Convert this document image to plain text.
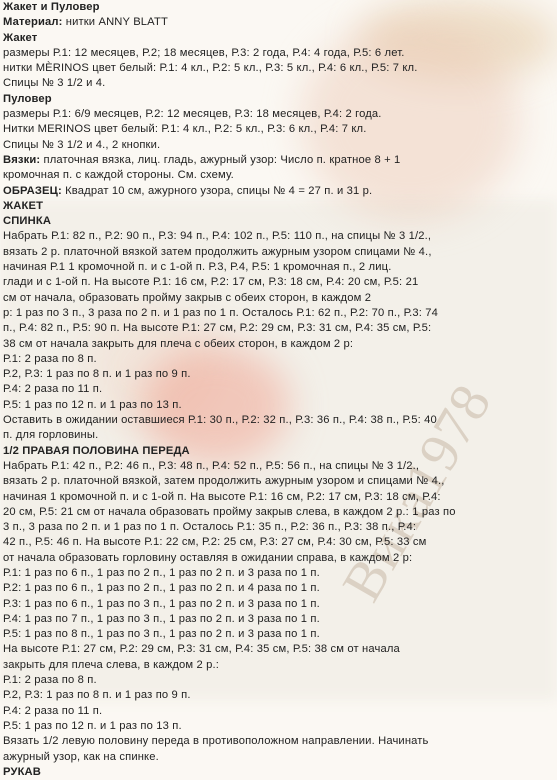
Вика1978
Жакет и Пуловер
Материал: нитки ANNY BLATT
Жакет
размеры Р.1: 12 месяцев, Р.2; 18 месяцев, Р.3: 2 года, Р.4: 4 года, Р.5: 6 лет.
нитки MÈRINOS цвет белый: Р.1: 4 кл., Р.2: 5 кл., Р.3: 5 кл., Р.4: 6 кл., Р.5: 7 кл.
Спицы № 3 1/2 и 4.
Пуловер
размеры Р.1: 6/9 месяцев, Р.2: 12 месяцев, Р.3: 18 месяцев, Р.4: 2 года.
Нитки MERINOS цвет белый: Р.1: 4 кл., Р.2: 5 кл., Р.3: 6 кл., Р.4: 7 кл.
Спицы № 3 1/2 и 4., 2 кнопки.
Вязки: платочная вязка, лиц. гладь, ажурный узор: Число п. кратное 8 + 1
кромочная п. с каждой стороны. См. схему.
ОБРАЗЕЦ: Квадрат 10 см, ажурного узора, спицы № 4 = 27 п. и 31 р.
ЖАКЕТ
СПИНКА
Набрать Р.1: 82 п., Р.2: 90 п., Р.3: 94 п., Р.4: 102 п., Р.5: 110 п., на спицы № 3 1/2.,
вязать 2 р. платочной вязкой затем продолжить ажурным узором спицами № 4.,
начиная Р.1 1 кромочной п. и с 1-ой п. Р.3, Р.4, Р.5: 1 кромочная п., 2 лиц.
глади и с 1-ой п. На высоте Р.1: 16 см, Р.2: 17 см, Р.3: 18 см, Р.4: 20 см, Р.5: 21
см от начала, образовать пройму закрыв с обеих сторон, в каждом 2
р: 1 раз по 3 п., 3 раза по 2 п. и 1 раз по 1 п. Осталось Р.1: 62 п., Р.2: 70 п., Р.3: 74
п., Р.4: 82 п., Р.5: 90 п. На высоте Р.1: 27 см, Р.2: 29 см, Р.3: 31 см, Р.4: 35 см, Р.5:
38 см от начала закрыть для плеча с обеих сторон, в каждом 2 р:
Р.1: 2 раза по 8 п.
Р.2, Р.3: 1 раз по 8 п. и 1 раз по 9 п.
Р.4: 2 раза по 11 п.
Р.5: 1 раз по 12 п. и 1 раз по 13 п.
Оставить в ожидании оставшиеся Р.1: 30 п., Р.2: 32 п., Р.3: 36 п., Р.4: 38 п., Р.5: 40
п. для горловины.
1/2 ПРАВАЯ ПОЛОВИНА ПЕРЕДА
Набрать Р.1: 42 п., Р.2: 46 п., Р.3: 48 п., Р.4: 52 п., Р.5: 56 п., на спицы № 3 1/2.,
вязать 2 р. платочной вязкой, затем продолжить ажурным узором и спицами № 4.,
начиная 1 кромочной п. и с 1-ой п. На высоте Р.1: 16 см, Р.2: 17 см, Р.3: 18 см, Р.4:
20 см, Р.5: 21 см от начала образовать пройму закрыв слева, в каждом 2 р.: 1 раз по
3 п., 3 раза по 2 п. и 1 раз по 1 п. Осталось Р.1: 35 п., Р.2: 36 п., Р.3: 38 п., Р.4:
42 п., Р.5: 46 п. На высоте Р.1: 22 см, Р.2: 25 см, Р.3: 27 см, Р.4: 30 см, Р.5: 33 см
от начала образовать горловину оставляя в ожидании справа, в каждом 2 р:
Р.1: 1 раз по 6 п., 1 раз по 2 п., 1 раз по 2 п. и 3 раза по 1 п.
Р.2: 1 раз по 6 п., 1 раз по 2 п., 1 раз по 2 п. и 4 раза по 1 п.
Р.3: 1 раз по 6 п., 1 раз по 3 п., 1 раз по 2 п. и 3 раза по 1 п.
Р.4: 1 раз по 7 п., 1 раз по 3 п., 1 раз по 2 п. и 3 раза по 1 п.
Р.5: 1 раз по 8 п., 1 раз по 3 п., 1 раз по 2 п. и 3 раза по 1 п.
На высоте Р.1: 27 см, Р.2: 29 см, Р.3: 31 см, Р.4: 35 см, Р.5: 38 см от начала
закрыть для плеча слева, в каждом 2 р.:
Р.1: 2 раза по 8 п.
Р.2, Р.3: 1 раз по 8 п. и 1 раз по 9 п.
Р.4: 2 раза по 11 п.
Р.5: 1 раз по 12 п. и 1 раз по 13 п.
Вязать 1/2 левую половину переда в противоположном направлении. Начинать
ажурный узор, как на спинке.
РУКАВ
